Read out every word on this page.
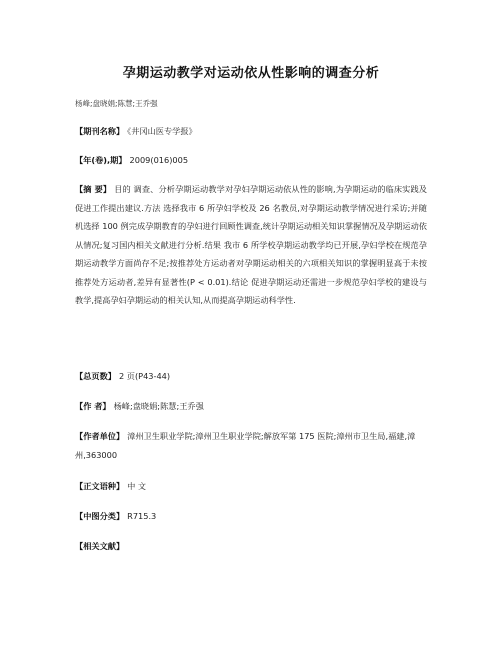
孕期运动教学对运动依从性影响的调查分析
杨峰;盘晓娟;陈慧;王乔强
【期刊名称】 《井冈山医专学报》
【年(卷),期】 2009(016)005
【摘 要】 目的 调查、分析孕期运动教学对孕妇孕期运动依从性的影响,为孕期运动的临床实践及促进工作提出建议.方法 选择我市 6 所孕妇学校及 26 名教员,对孕期运动教学情况进行采访;并随机选择 100 例完成孕期教育的孕妇进行回顾性调查,统计孕期运动相关知识掌握情况及孕期运动依从情况;复习国内相关文献进行分析.结果 我市 6 所学校孕期运动教学均已开展,孕妇学校在规范孕期运动教学方面尚存不足;按推荐处方运动者对孕期运动相关的六项相关知识的掌握明显高于未按推荐处方运动者,差异有显著性(P < 0.01).结论 促进孕期运动还需进一步规范孕妇学校的建设与教学,提高孕妇孕期运动的相关认知,从而提高孕期运动科学性.
【总页数】 2 页(P43-44)
【作 者】 杨峰;盘晓娟;陈慧;王乔强
【作者单位】 漳州卫生职业学院;漳州卫生职业学院;解放军第 175 医院;漳州市卫生局,福建,漳州,363000
【正文语种】 中 文
【中图分类】 R715.3
【相关文献】
